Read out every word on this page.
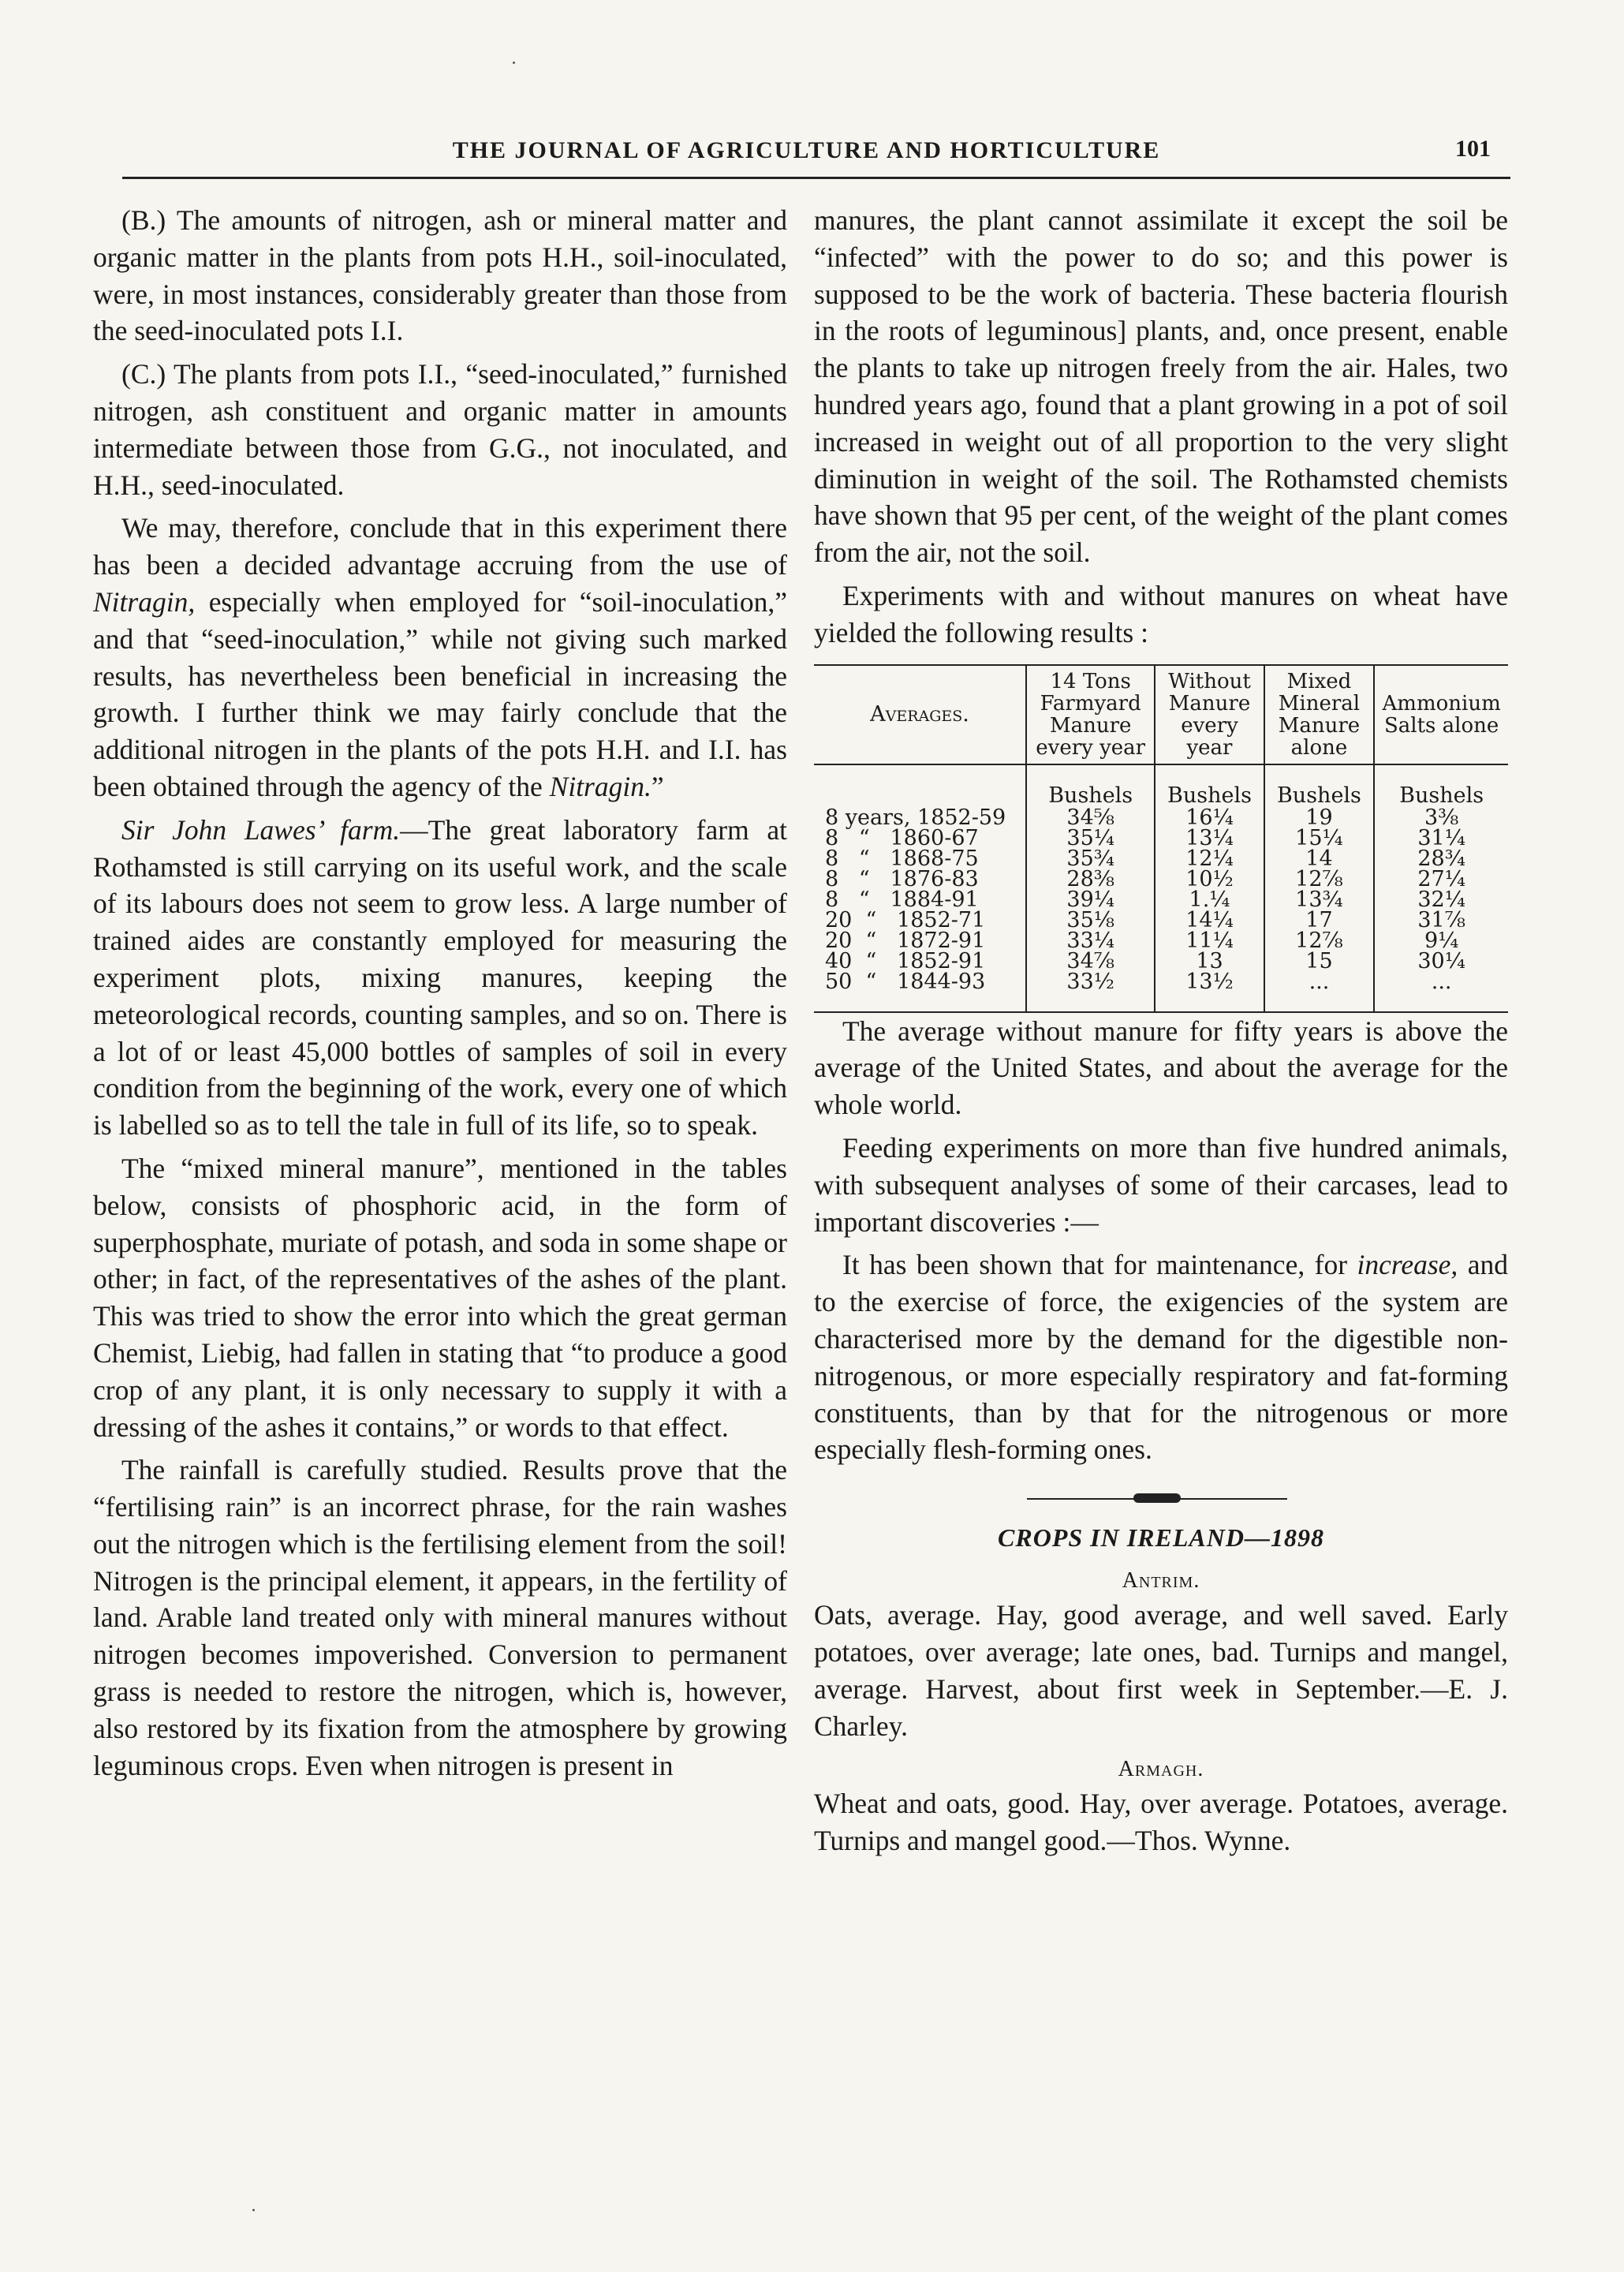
THE JOURNAL OF AGRICULTURE AND HORTICULTURE	101

(B.) The amounts of nitrogen, ash or mineral matter and organic matter in the plants from pots H.H., soil-inoculated, were, in most instances, considerably greater than those from the seed-inoculated pots I.I.

(C.) The plants from pots I.I., “seed-inoculated,” furnished nitrogen, ash constituent and organic matter in amounts intermediate between those from G.G., not inoculated, and H.H., seed-inoculated.

We may, therefore, conclude that in this experiment there has been a decided advantage accruing from the use of Nitragin, especially when employed for “soil-inoculation,” and that “seed-inoculation,” while not giving such marked results, has nevertheless been beneficial in increasing the growth. I further think we may fairly conclude that the additional nitrogen in the plants of the pots H.H. and I.I. has been obtained through the agency of the Nitragin.”

Sir John Lawes’ farm.—The great laboratory farm at Rothamsted is still carrying on its useful work, and the scale of its labours does not seem to grow less. A large number of trained aides are constantly employed for measuring the experiment plots, mixing manures, keeping the meteorological records, counting samples, and so on. There is a lot of or least 45,000 bottles of samples of soil in every condition from the beginning of the work, every one of which is labelled so as to tell the tale in full of its life, so to speak.

The “mixed mineral manure”, mentioned in the tables below, consists of phosphoric acid, in the form of superphosphate, muriate of potash, and soda in some shape or other; in fact, of the representatives of the ashes of the plant. This was tried to show the error into which the great german Chemist, Liebig, had fallen in stating that “to produce a good crop of any plant, it is only necessary to supply it with a dressing of the ashes it contains,” or words to that effect.

The rainfall is carefully studied. Results prove that the “fertilising rain” is an incorrect phrase, for the rain washes out the nitrogen which is the fertilising element from the soil! Nitrogen is the principal element, it appears, in the fertility of land. Arable land treated only with mineral manures without nitrogen becomes impoverished. Conversion to permanent grass is needed to restore the nitrogen, which is, however, also restored by its fixation from the atmosphere by growing leguminous crops. Even when nitrogen is present in

manures, the plant cannot assimilate it except the soil be “infected” with the power to do so; and this power is supposed to be the work of bacteria. These bacteria flourish in the roots of leguminous] plants, and, once present, enable the plants to take up nitrogen freely from the air. Hales, two hundred years ago, found that a plant growing in a pot of soil increased in weight out of all proportion to the very slight diminution in weight of the soil. The Rothamsted chemists have shown that 95 per cent, of the weight of the plant comes from the air, not the soil.

Experiments with and without manures on wheat have yielded the following results :

Averages.	14 Tons Farmyard Manure every year	Without Manure every year	Mixed Mineral Manure alone	Ammonium Salts alone
	Bushels	Bushels	Bushels	Bushels
8 years, 1852-59	34⅝	16¼	19	3⅜
8   “   1860-67	35¼	13¼	15¼	31¼
8   “   1868-75	35¾	12¼	14	28¾
8   “   1876-83	28⅜	10½	12⅞	27¼
8   “   1884-91	39¼	1.¼	13¾	32¼
20  “   1852-71	35⅛	14¼	17	31⅞
20  “   1872-91	33¼	11¼	12⅞	9¼
40  “   1852-91	34⅞	13	15	30¼
50  “   1844-93	33½	13½	...	...

The average without manure for fifty years is above the average of the United States, and about the average for the whole world.

Feeding experiments on more than five hundred animals, with subsequent analyses of some of their carcases, lead to important discoveries :—

It has been shown that for maintenance, for increase, and to the exercise of force, the exigencies of the system are characterised more by the demand for the digestible non-nitrogenous, or more especially respiratory and fat-forming constituents, than by that for the nitrogenous or more especially flesh-forming ones.

CROPS IN IRELAND—1898
Antrim.

Oats, average. Hay, good average, and well saved. Early potatoes, over average; late ones, bad. Turnips and mangel, average. Harvest, about first week in September.—E. J. Charley.

Armagh.

Wheat and oats, good. Hay, over average. Potatoes, average. Turnips and mangel good.—Thos. Wynne.
